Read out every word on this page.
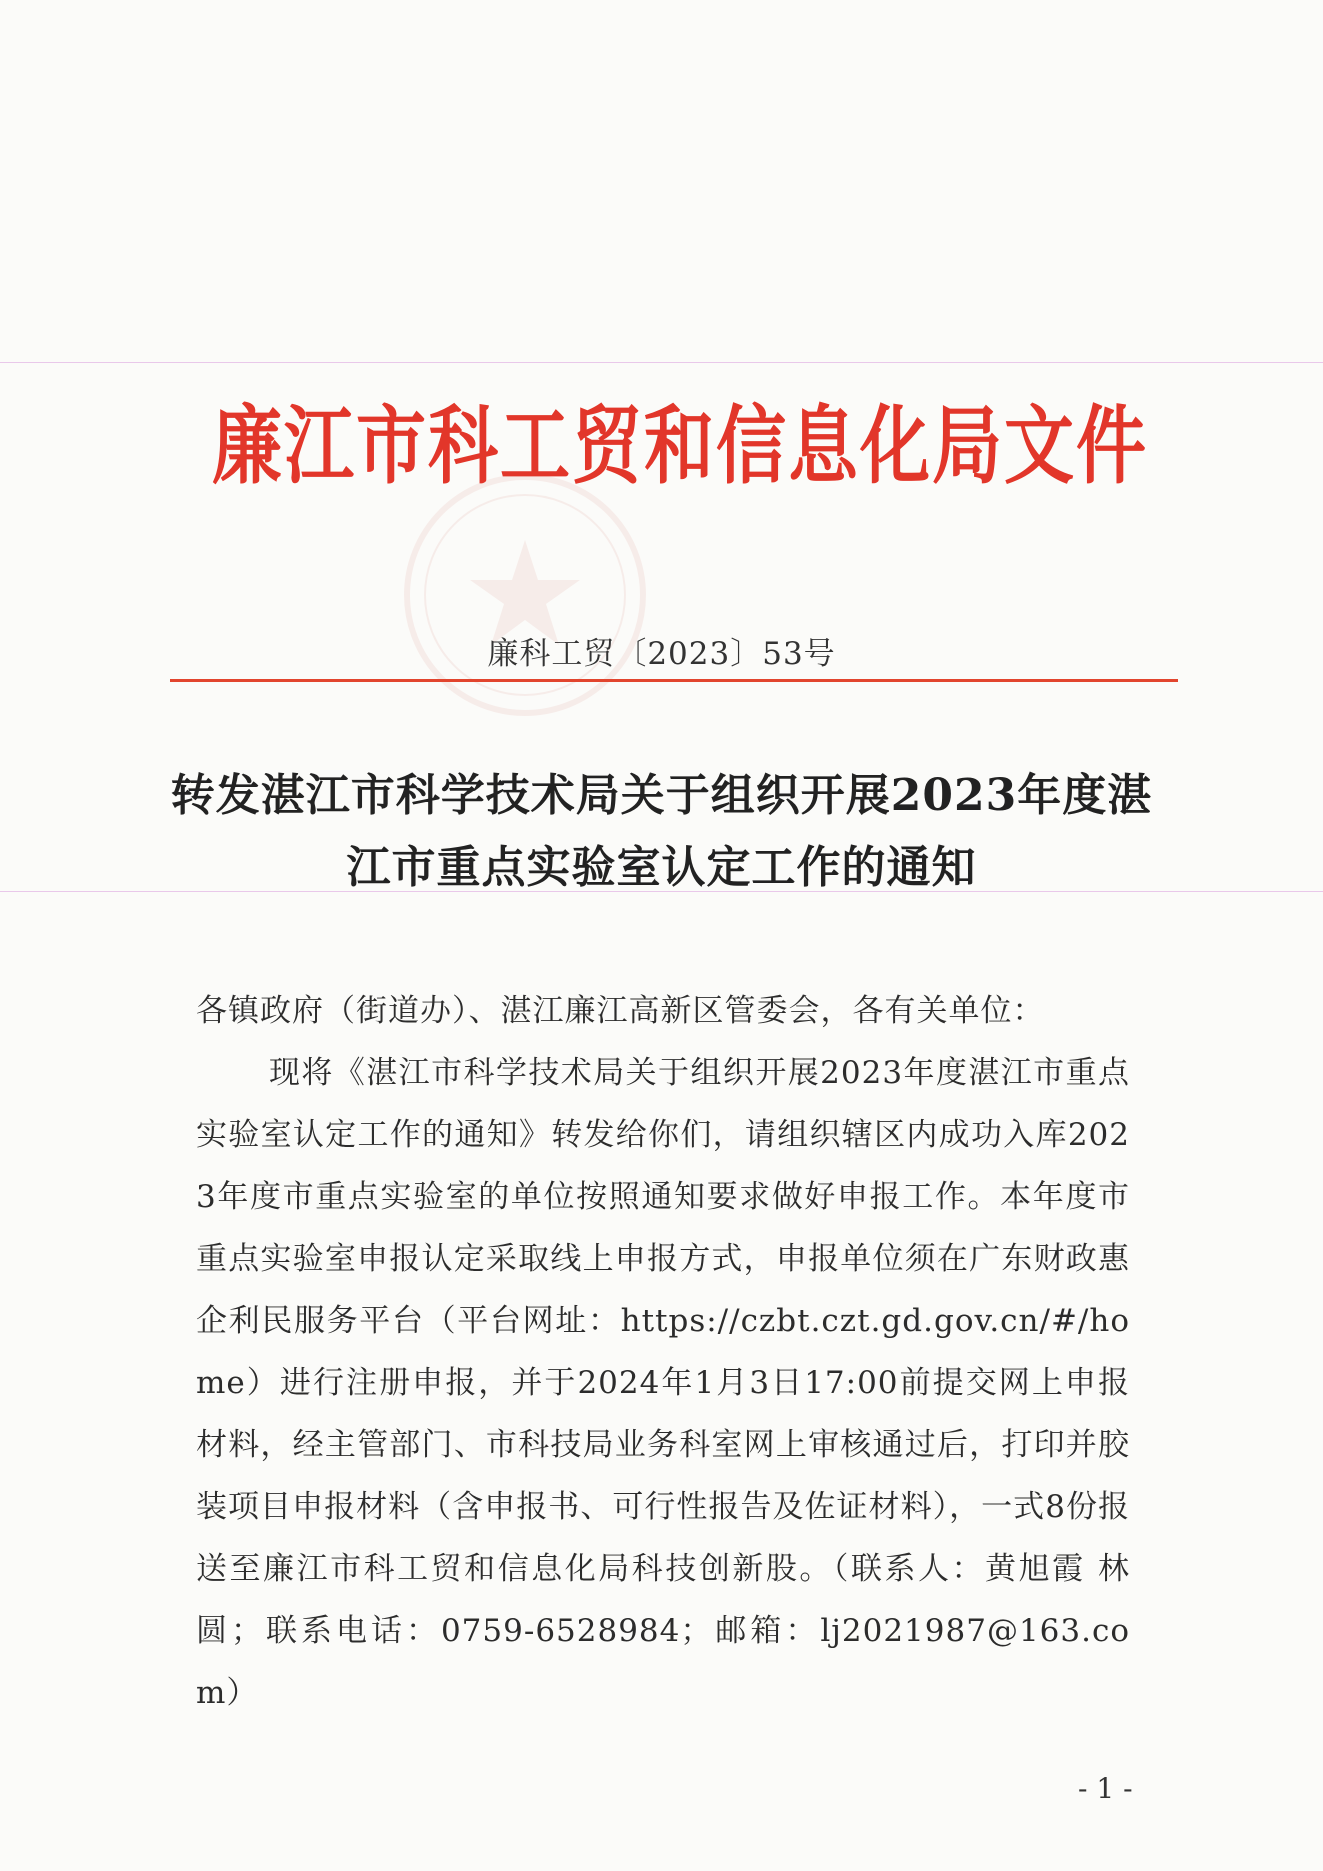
廉江市科工贸和信息化局文件
廉科工贸〔2023〕53号
转发湛江市科学技术局关于组织开展2023年度湛江市重点实验室认定工作的通知

各镇政府（街道办）、湛江廉江高新区管委会，各有关单位：

现将《湛江市科学技术局关于组织开展2023年度湛江市重点实验室认定工作的通知》转发给你们，请组织辖区内成功入库2023年度市重点实验室的单位按照通知要求做好申报工作。本年度市重点实验室申报认定采取线上申报方式，申报单位须在广东财政惠企利民服务平台（平台网址：https://czbt.czt.gd.gov.cn/#/home）进行注册申报，并于2024年1月3日17:00前提交网上申报材料，经主管部门、市科技局业务科室网上审核通过后，打印并胶装项目申报材料（含申报书、可行性报告及佐证材料），一式8份报送至廉江市科工贸和信息化局科技创新股。（联系人：黄旭霞 林圆；联系电话：0759-6528984；邮箱：lj2021987@163.com）

- 1 -
